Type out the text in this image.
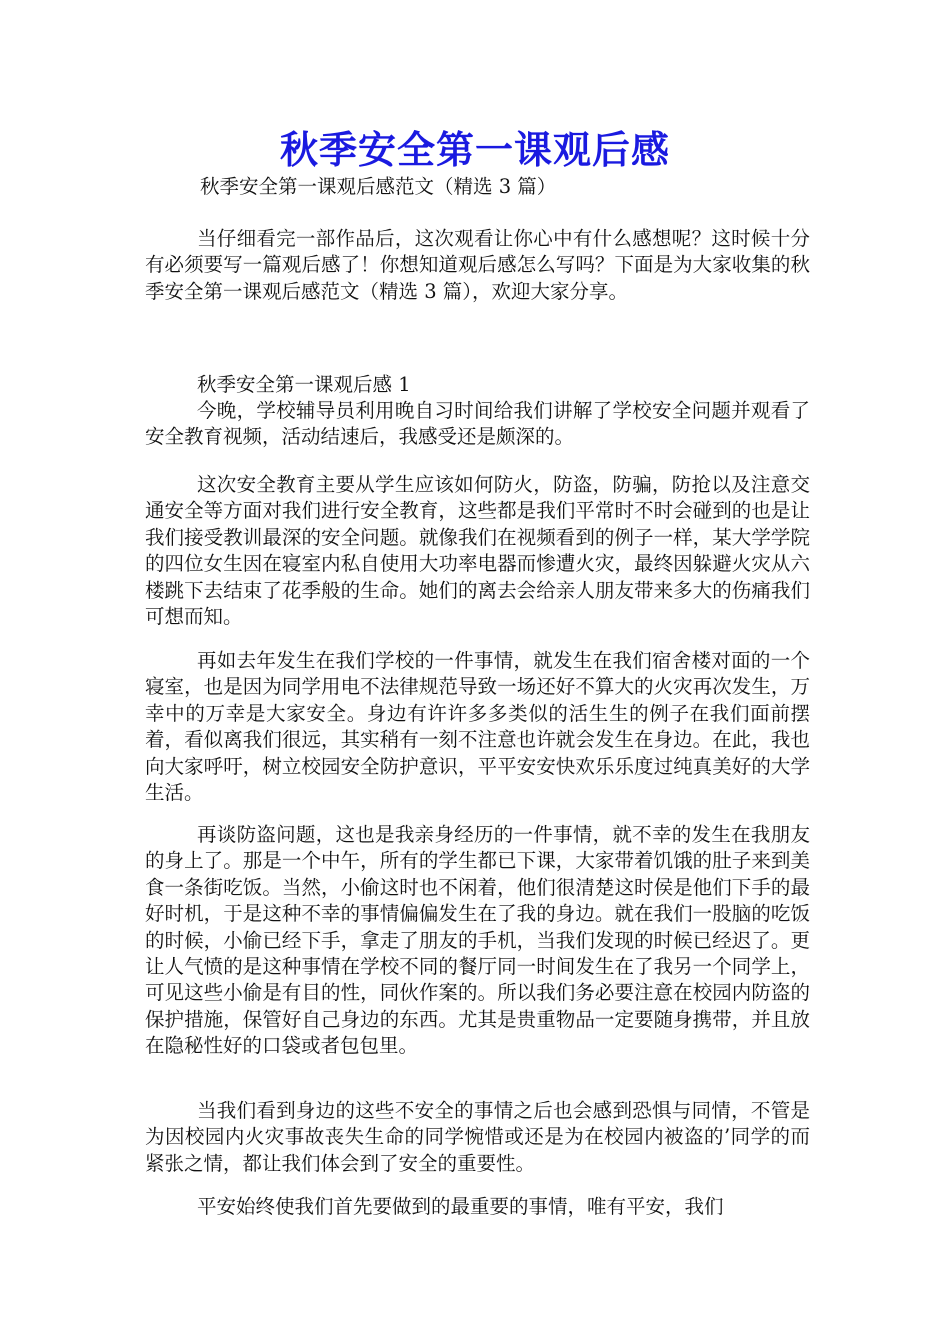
秋季安全第一课观后感
秋季安全第一课观后感范文（精选 3 篇）

当仔细看完一部作品后，这次观看让你心中有什么感想呢？这时候十分有必须要写一篇观后感了！你想知道观后感怎么写吗？下面是为大家收集的秋季安全第一课观后感范文（精选 3 篇），欢迎大家分享。

秋季安全第一课观后感 1

今晚，学校辅导员利用晚自习时间给我们讲解了学校安全问题并观看了安全教育视频，活动结速后，我感受还是颇深的。

这次安全教育主要从学生应该如何防火，防盗，防骗，防抢以及注意交通安全等方面对我们进行安全教育，这些都是我们平常时不时会碰到的也是让我们接受教训最深的安全问题。就像我们在视频看到的例子一样，某大学学院的四位女生因在寝室内私自使用大功率电器而惨遭火灾，最终因躲避火灾从六楼跳下去结束了花季般的生命。她们的离去会给亲人朋友带来多大的伤痛我们可想而知。

再如去年发生在我们学校的一件事情，就发生在我们宿舍楼对面的一个寝室，也是因为同学用电不法律规范导致一场还好不算大的火灾再次发生，万幸中的万幸是大家安全。身边有许许多多类似的活生生的例子在我们面前摆着，看似离我们很远，其实稍有一刻不注意也许就会发生在身边。在此，我也向大家呼吁，树立校园安全防护意识，平平安安快欢乐乐度过纯真美好的大学生活。

再谈防盗问题，这也是我亲身经历的一件事情，就不幸的发生在我朋友的身上了。那是一个中午，所有的学生都已下课，大家带着饥饿的肚子来到美食一条街吃饭。当然，小偷这时也不闲着，他们很清楚这时侯是他们下手的最好时机，于是这种不幸的事情偏偏发生在了我的身边。就在我们一股脑的吃饭的时候，小偷已经下手，拿走了朋友的手机，当我们发现的时候已经迟了。更让人气愤的是这种事情在学校不同的餐厅同一时间发生在了我另一个同学上，可见这些小偷是有目的性，同伙作案的。所以我们务必要注意在校园内防盗的保护措施，保管好自己身边的东西。尤其是贵重物品一定要随身携带，并且放在隐秘性好的口袋或者包包里。

当我们看到身边的这些不安全的事情之后也会感到恐惧与同情，不管是为因校园内火灾事故丧失生命的同学惋惜或还是为在校园内被盗的’同学的而紧张之情，都让我们体会到了安全的重要性。

平安始终使我们首先要做到的最重要的事情，唯有平安，我们
